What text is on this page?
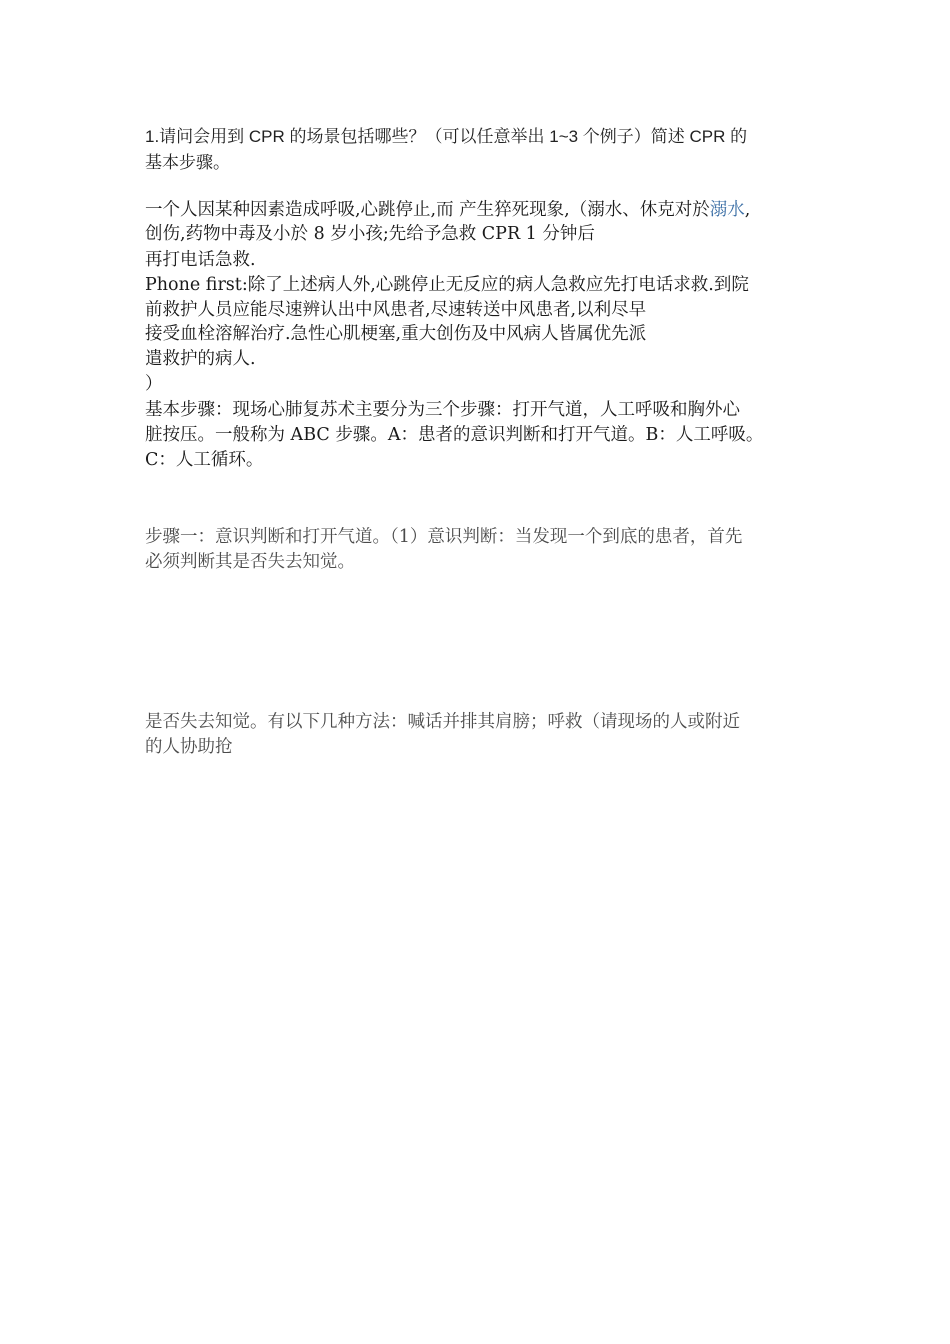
1.请问会用到 CPR 的场景包括哪些？（可以任意举出 1~3 个例子）简述 CPR 的
基本步骤。
一个人因某种因素造成呼吸,心跳停止,而 产生猝死现象,（溺水、休克对於溺水,
创伤,药物中毒及小於 8 岁小孩;先给予急救 CPR 1 分钟后
再打电话急救.
Phone first:除了上述病人外,心跳停止无反应的病人急救应先打电话求救.到院
前救护人员应能尽速辨认出中风患者,尽速转送中风患者,以利尽早
接受血栓溶解治疗.急性心肌梗塞,重大创伤及中风病人皆属优先派
遣救护的病人.
）
基本步骤：现场心肺复苏术主要分为三个步骤：打开气道，人工呼吸和胸外心
脏按压。一般称为 ABC 步骤。A：患者的意识判断和打开气道。B：人工呼吸。
C：人工循环。
步骤一：意识判断和打开气道。（1）意识判断：当发现一个到底的患者，首先
必须判断其是否失去知觉。
是否失去知觉。有以下几种方法：喊话并排其肩膀；呼救（请现场的人或附近
的人协助抢
